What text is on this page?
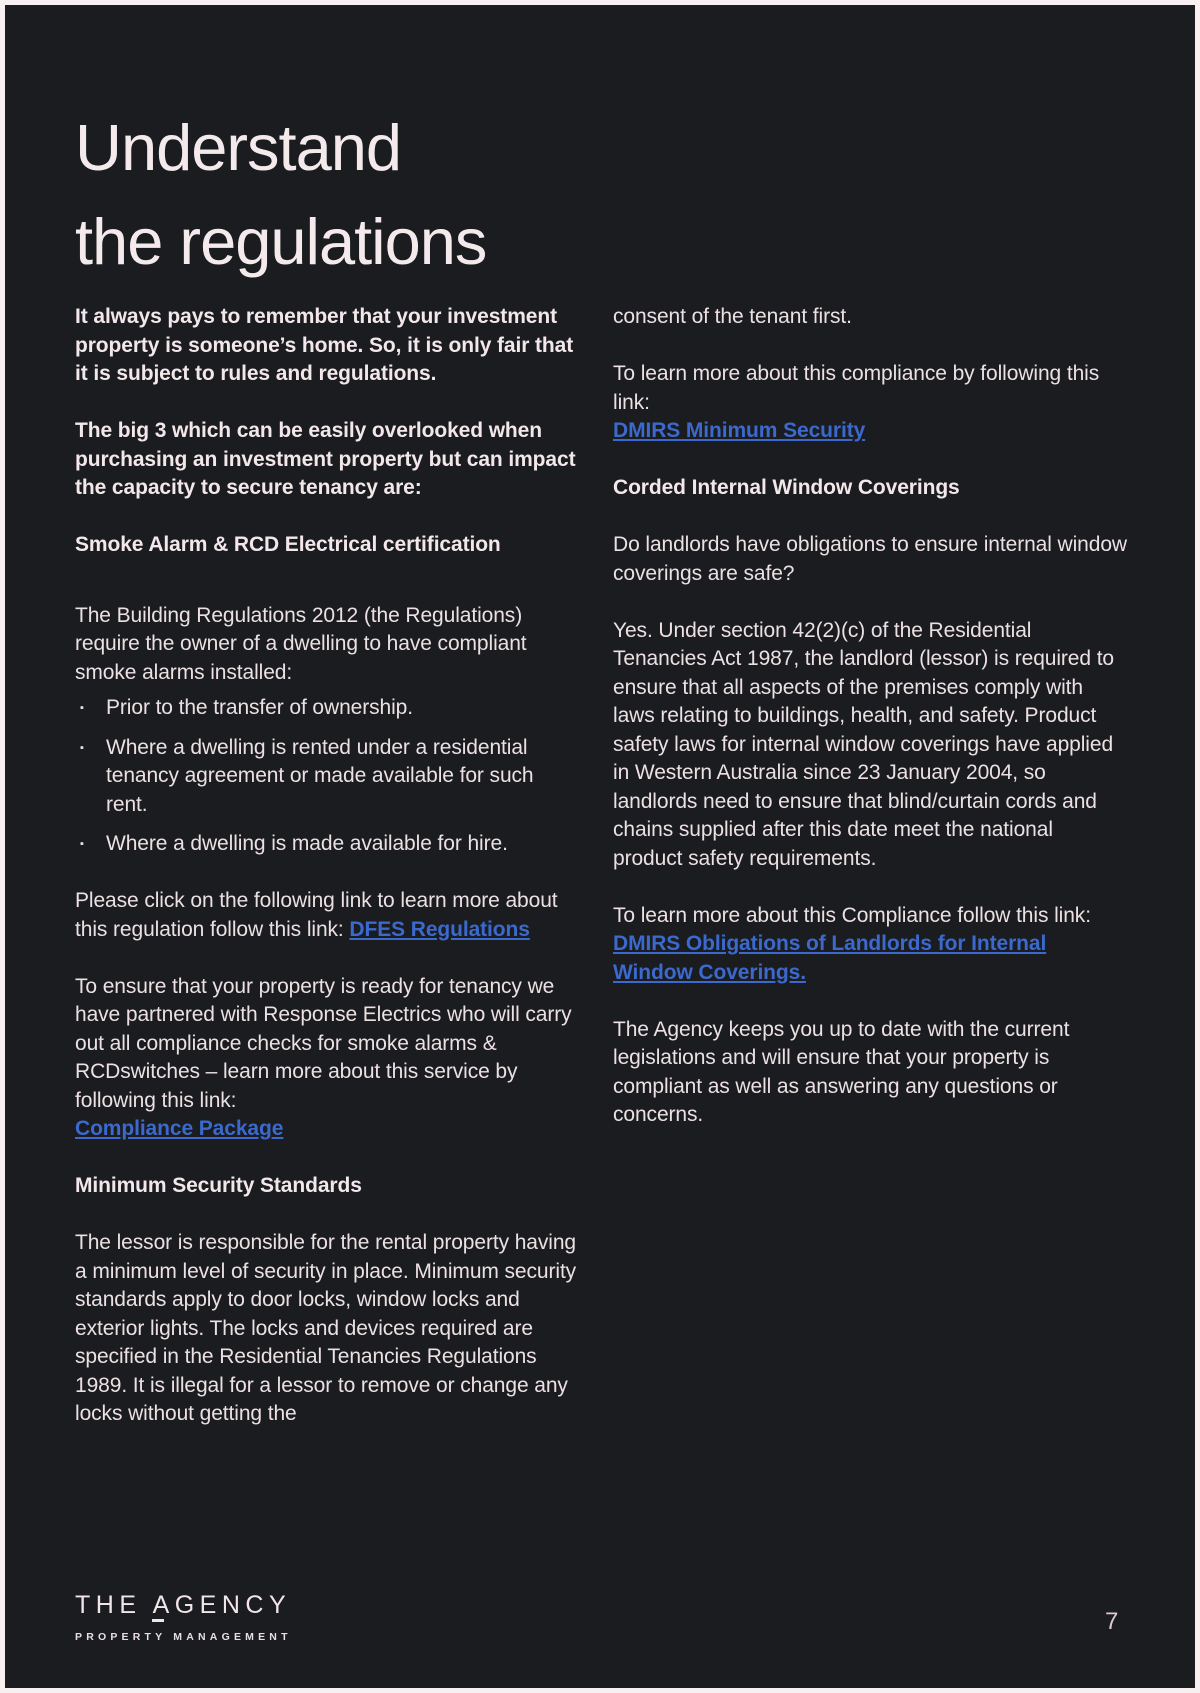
Understand
the regulations

It always pays to remember that your investment property is someone’s home. So, it is only fair that it is subject to rules and regulations.

The big 3 which can be easily overlooked when purchasing an investment property but can impact the capacity to secure tenancy are:

Smoke Alarm & RCD Electrical certification

The Building Regulations 2012 (the Regulations) require the owner of a dwelling to have compliant smoke alarms installed:

▪	Prior to the transfer of ownership.
▪	Where a dwelling is rented under a residential tenancy agreement or made available for such rent.
▪	Where a dwelling is made available for hire.

Please click on the following link to learn more about this regulation follow this link: DFES Regulations

To ensure that your property is ready for tenancy we have partnered with Response Electrics who will carry out all compliance checks for smoke alarms & RCDswitches – learn more about this service by following this link:
Compliance Package

Minimum Security Standards

The lessor is responsible for the rental property having a minimum level of security in place. Minimum security standards apply to door locks, window locks and exterior lights. The locks and devices required are specified in the Residential Tenancies Regulations 1989. It is illegal for a lessor to remove or change any locks without getting the

consent of the tenant first.

To learn more about this compliance by following this link:
DMIRS Minimum Security

Corded Internal Window Coverings

Do landlords have obligations to ensure internal window coverings are safe?

Yes. Under section 42(2)(c) of the Residential Tenancies Act 1987, the landlord (lessor) is required to ensure that all aspects of the premises comply with laws relating to buildings, health, and safety. Product safety laws for internal window coverings have applied in Western Australia since 23 January 2004, so landlords need to ensure that blind/curtain cords and chains supplied after this date meet the national product safety requirements.

To learn more about this Compliance follow this link:
DMIRS Obligations of Landlords for Internal Window Coverings.

The Agency keeps you up to date with the current legislations and will ensure that your property is compliant as well as answering any questions or concerns.

THE AGENCY
PROPERTY MANAGEMENT
7
